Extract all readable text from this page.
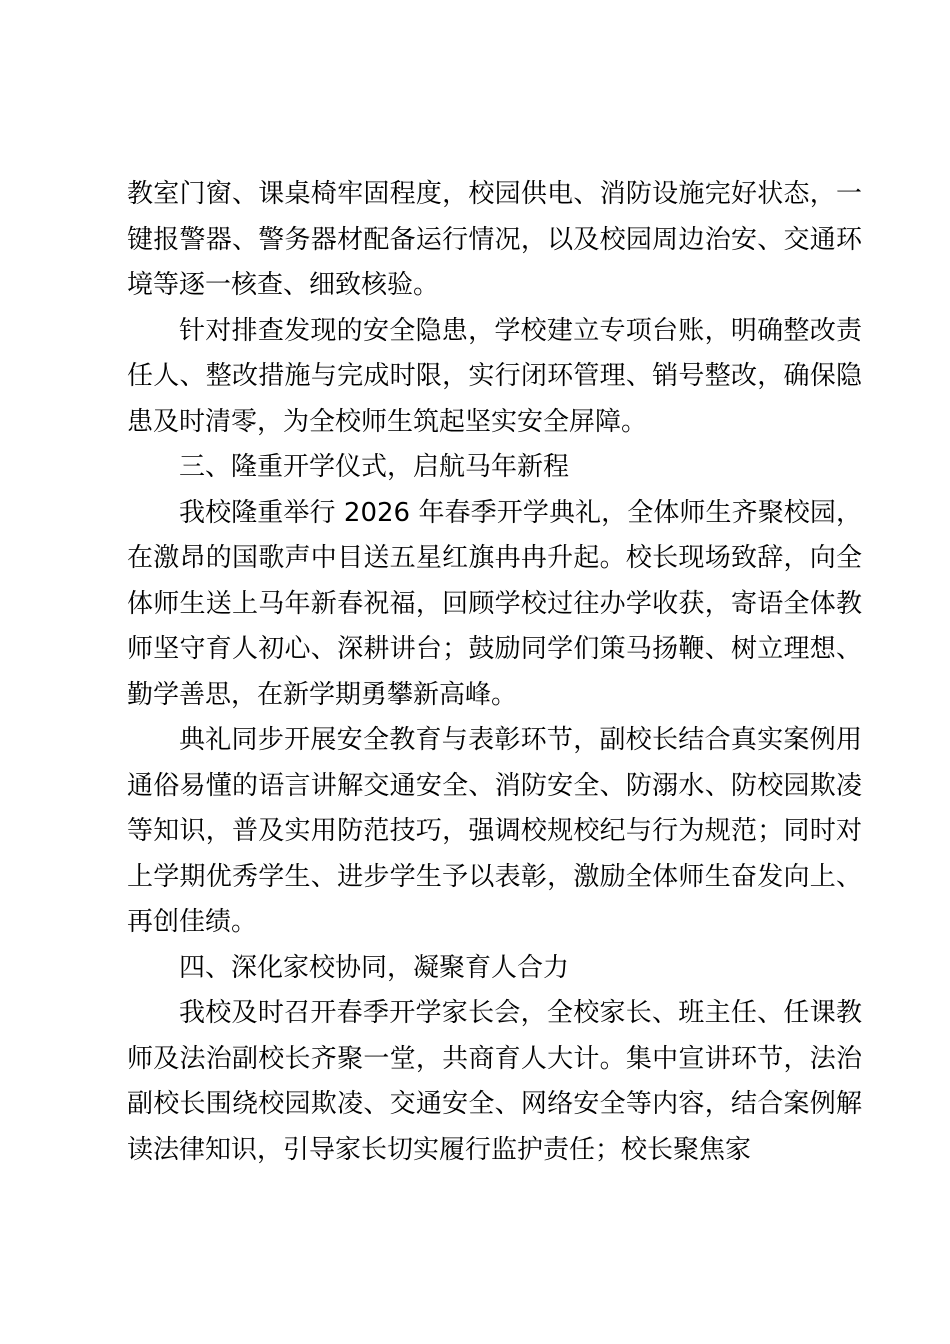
教室门窗、课桌椅牢固程度，校园供电、消防设施完好状态，一键报警器、警务器材配备运行情况，以及校园周边治安、交通环境等逐一核查、细致核验。

针对排查发现的安全隐患，学校建立专项台账，明确整改责任人、整改措施与完成时限，实行闭环管理、销号整改，确保隐患及时清零，为全校师生筑起坚实安全屏障。

三、隆重开学仪式，启航马年新程

我校隆重举行 2026 年春季开学典礼，全体师生齐聚校园，在激昂的国歌声中目送五星红旗冉冉升起。校长现场致辞，向全体师生送上马年新春祝福，回顾学校过往办学收获，寄语全体教师坚守育人初心、深耕讲台；鼓励同学们策马扬鞭、树立理想、勤学善思，在新学期勇攀新高峰。

典礼同步开展安全教育与表彰环节，副校长结合真实案例用通俗易懂的语言讲解交通安全、消防安全、防溺水、防校园欺凌等知识，普及实用防范技巧，强调校规校纪与行为规范；同时对上学期优秀学生、进步学生予以表彰，激励全体师生奋发向上、再创佳绩。

四、深化家校协同，凝聚育人合力

我校及时召开春季开学家长会，全校家长、班主任、任课教师及法治副校长齐聚一堂，共商育人大计。集中宣讲环节，法治副校长围绕校园欺凌、交通安全、网络安全等内容，结合案例解读法律知识，引导家长切实履行监护责任；校长聚焦家
